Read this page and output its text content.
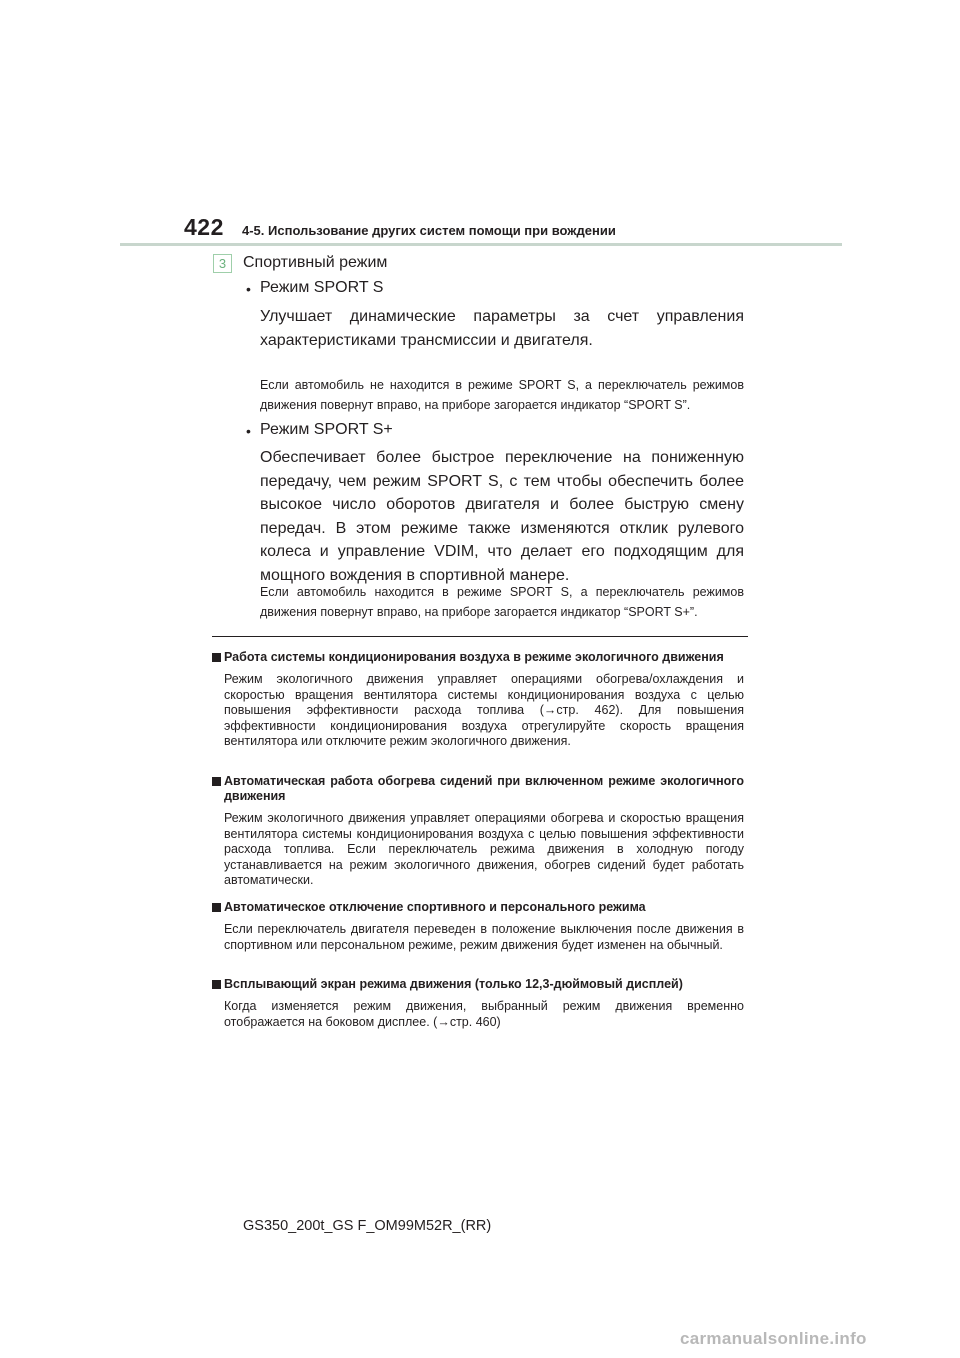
422 4-5. Использование других систем помощи при вождении
3	Спортивный режим
• Режим SPORT S
Улучшает динамические параметры за счет управления характеристиками трансмиссии и двигателя.
Если автомобиль не находится в режиме SPORT S, а переключатель режимов движения повернут вправо, на приборе загорается индикатор “SPORT S”.
• Режим SPORT S+
Обеспечивает более быстрое переключение на пониженную передачу, чем режим SPORT S, с тем чтобы обеспечить более высокое число оборотов двигателя и более быструю смену передач. В этом режиме также изменяются отклик рулевого колеса и управление VDIM, что делает его подходящим для мощного вождения в спортивной манере.
Если автомобиль находится в режиме SPORT S, а переключатель режимов движения повернут вправо, на приборе загорается индикатор “SPORT S+”.
Работа системы кондиционирования воздуха в режиме экологичного движения
Режим экологичного движения управляет операциями обогрева/охлаждения и скоростью вращения вентилятора системы кондиционирования воздуха с целью повышения эффективности расхода топлива (→стр. 462). Для повышения эффективности кондиционирования воздуха отрегулируйте скорость вращения вентилятора или отключите режим экологичного движения.
Автоматическая работа обогрева сидений при включенном режиме экологичного движения
Режим экологичного движения управляет операциями обогрева и скоростью вращения вентилятора системы кондиционирования воздуха с целью повышения эффективности расхода топлива. Если переключатель режима движения в холодную погоду устанавливается на режим экологичного движения, обогрев сидений будет работать автоматически.
Автоматическое отключение спортивного и персонального режима
Если переключатель двигателя переведен в положение выключения после движения в спортивном или персональном режиме, режим движения будет изменен на обычный.
Всплывающий экран режима движения (только 12,3-дюймовый дисплей)
Когда изменяется режим движения, выбранный режим движения временно отображается на боковом дисплее. (→стр. 460)
GS350_200t_GS F_OM99M52R_(RR)
carmanualsonline.info
